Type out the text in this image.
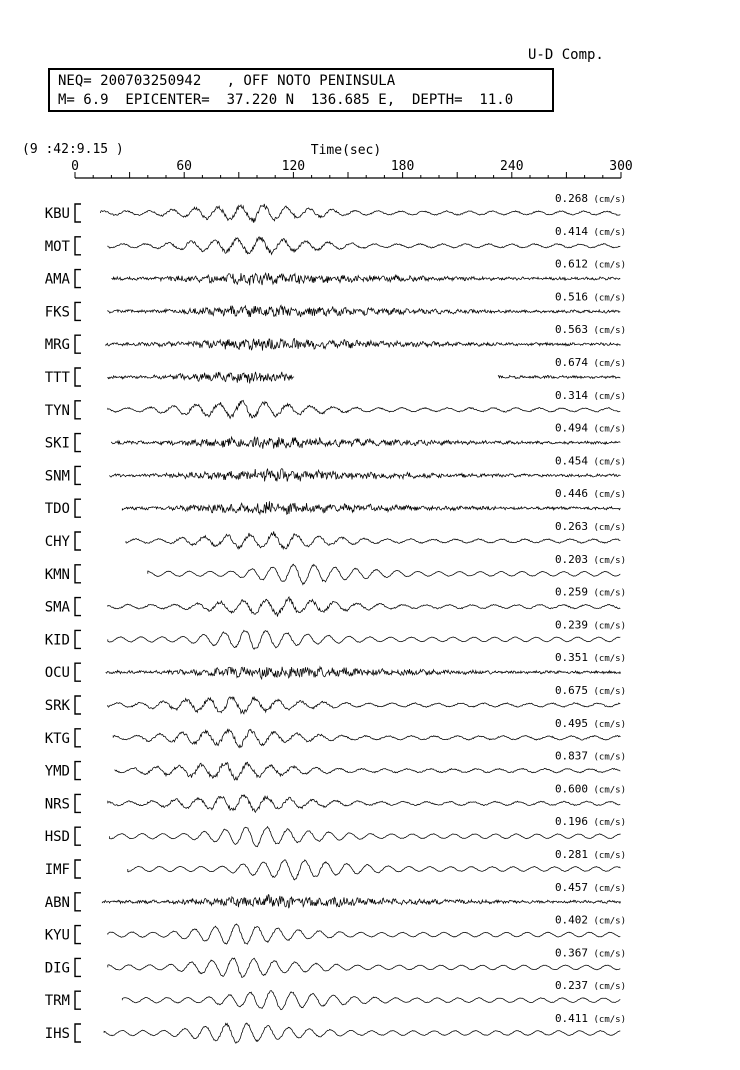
U-D Comp.
NEQ= 200703250942   , OFF NOTO PENINSULA
M= 6.9  EPICENTER=  37.220 N  136.685 E,  DEPTH=  11.0
(9 :42:9.15 )	Time(sec)
0	60	120	180	240	300
KBU
0.268 (cm/s)
MOT
0.414 (cm/s)
AMA
0.612 (cm/s)
FKS
0.516 (cm/s)
MRG
0.563 (cm/s)
TTT
0.674 (cm/s)
TYN
0.314 (cm/s)
SKI
0.494 (cm/s)
SNM
0.454 (cm/s)
TDO
0.446 (cm/s)
CHY
0.263 (cm/s)
KMN
0.203 (cm/s)
SMA
0.259 (cm/s)
KID
0.239 (cm/s)
OCU
0.351 (cm/s)
SRK
0.675 (cm/s)
KTG
0.495 (cm/s)
YMD
0.837 (cm/s)
NRS
0.600 (cm/s)
HSD
0.196 (cm/s)
IMF
0.281 (cm/s)
ABN
0.457 (cm/s)
KYU
0.402 (cm/s)
DIG
0.367 (cm/s)
TRM
0.237 (cm/s)
IHS
0.411 (cm/s)
